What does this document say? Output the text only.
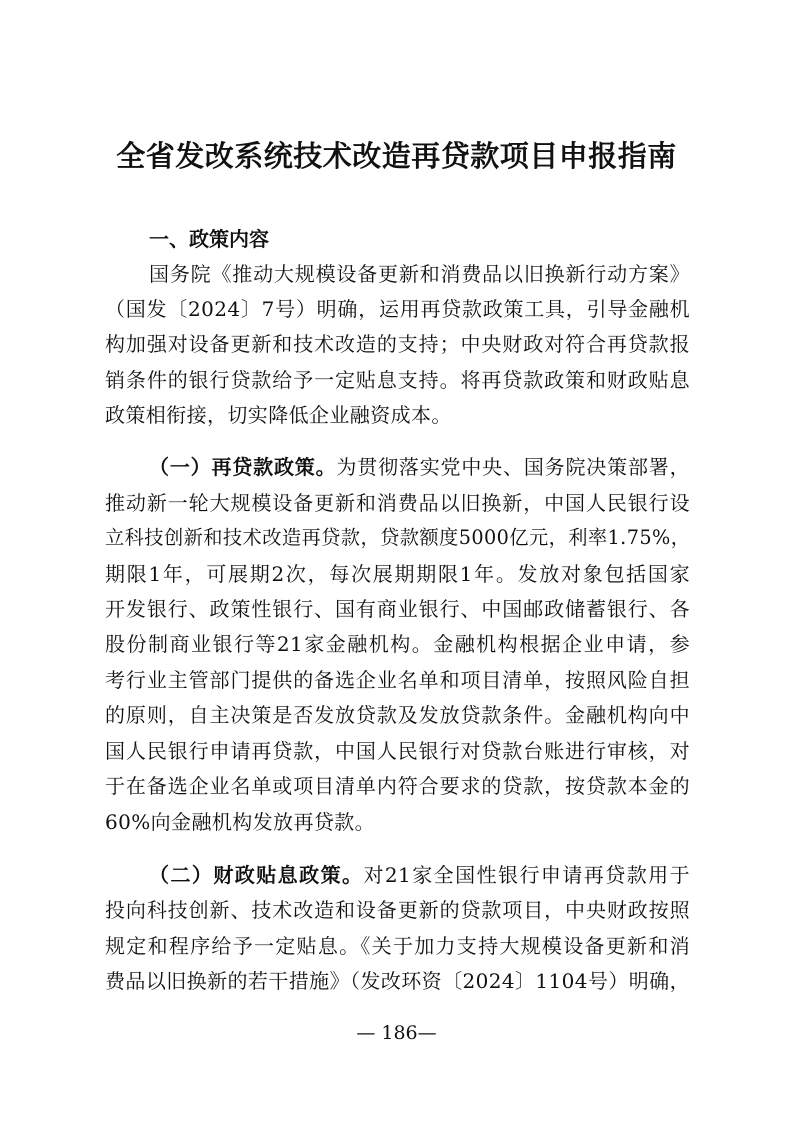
全省发改系统技术改造再贷款项目申报指南
一、政策内容
国务院《推动大规模设备更新和消费品以旧换新行动方案》
（国发〔2024〕7号）明确，运用再贷款政策工具，引导金融机
构加强对设备更新和技术改造的支持；中央财政对符合再贷款报
销条件的银行贷款给予一定贴息支持。将再贷款政策和财政贴息
政策相衔接，切实降低企业融资成本。
（一）再贷款政策。为贯彻落实党中央、国务院决策部署，
推动新一轮大规模设备更新和消费品以旧换新，中国人民银行设
立科技创新和技术改造再贷款，贷款额度5000亿元，利率1.75%，
期限1年，可展期2次，每次展期期限1年。发放对象包括国家
开发银行、政策性银行、国有商业银行、中国邮政储蓄银行、各
股份制商业银行等21家金融机构。金融机构根据企业申请，参
考行业主管部门提供的备选企业名单和项目清单，按照风险自担
的原则，自主决策是否发放贷款及发放贷款条件。金融机构向中
国人民银行申请再贷款，中国人民银行对贷款台账进行审核，对
于在备选企业名单或项目清单内符合要求的贷款，按贷款本金的
60%向金融机构发放再贷款。
（二）财政贴息政策。对21家全国性银行申请再贷款用于
投向科技创新、技术改造和设备更新的贷款项目，中央财政按照
规定和程序给予一定贴息。《关于加力支持大规模设备更新和消
费品以旧换新的若干措施》（发改环资〔2024〕1104号）明确，
— 186—
